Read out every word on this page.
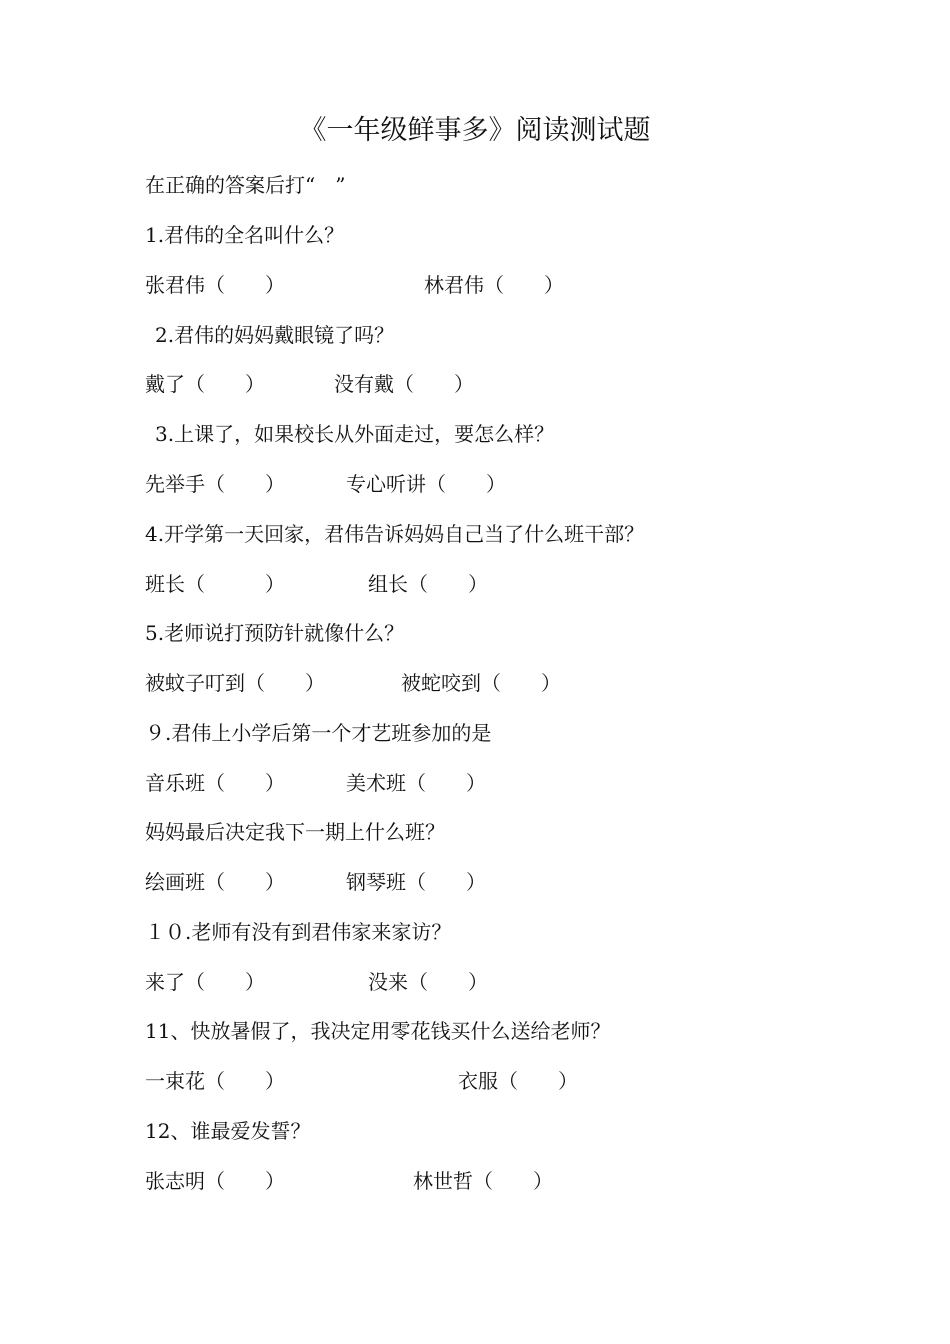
《一年级鲜事多》阅读测试题
在正确的答案后打“　”
1.君伟的全名叫什么？
张君伟（　　）	林君伟（　　）
2.君伟的妈妈戴眼镜了吗？
戴了（　　）	没有戴（　　）
3.上课了，如果校长从外面走过，要怎么样？
先举手（　　）	专心听讲（　　）
4.开学第一天回家，君伟告诉妈妈自己当了什么班干部？
班长（　　　）	组长（　　）
5.老师说打预防针就像什么？
被蚊子叮到（　　）	被蛇咬到（　　）
９.君伟上小学后第一个才艺班参加的是
音乐班（　　）	美术班（　　）
妈妈最后决定我下一期上什么班？
绘画班（　　）	钢琴班（　　）
１０.老师有没有到君伟家来家访？
来了（　　）	没来（　　）
11、快放暑假了，我决定用零花钱买什么送给老师？
一束花（　　）	衣服（　　）
12、谁最爱发誓？
张志明（　　）	林世哲（　　）
